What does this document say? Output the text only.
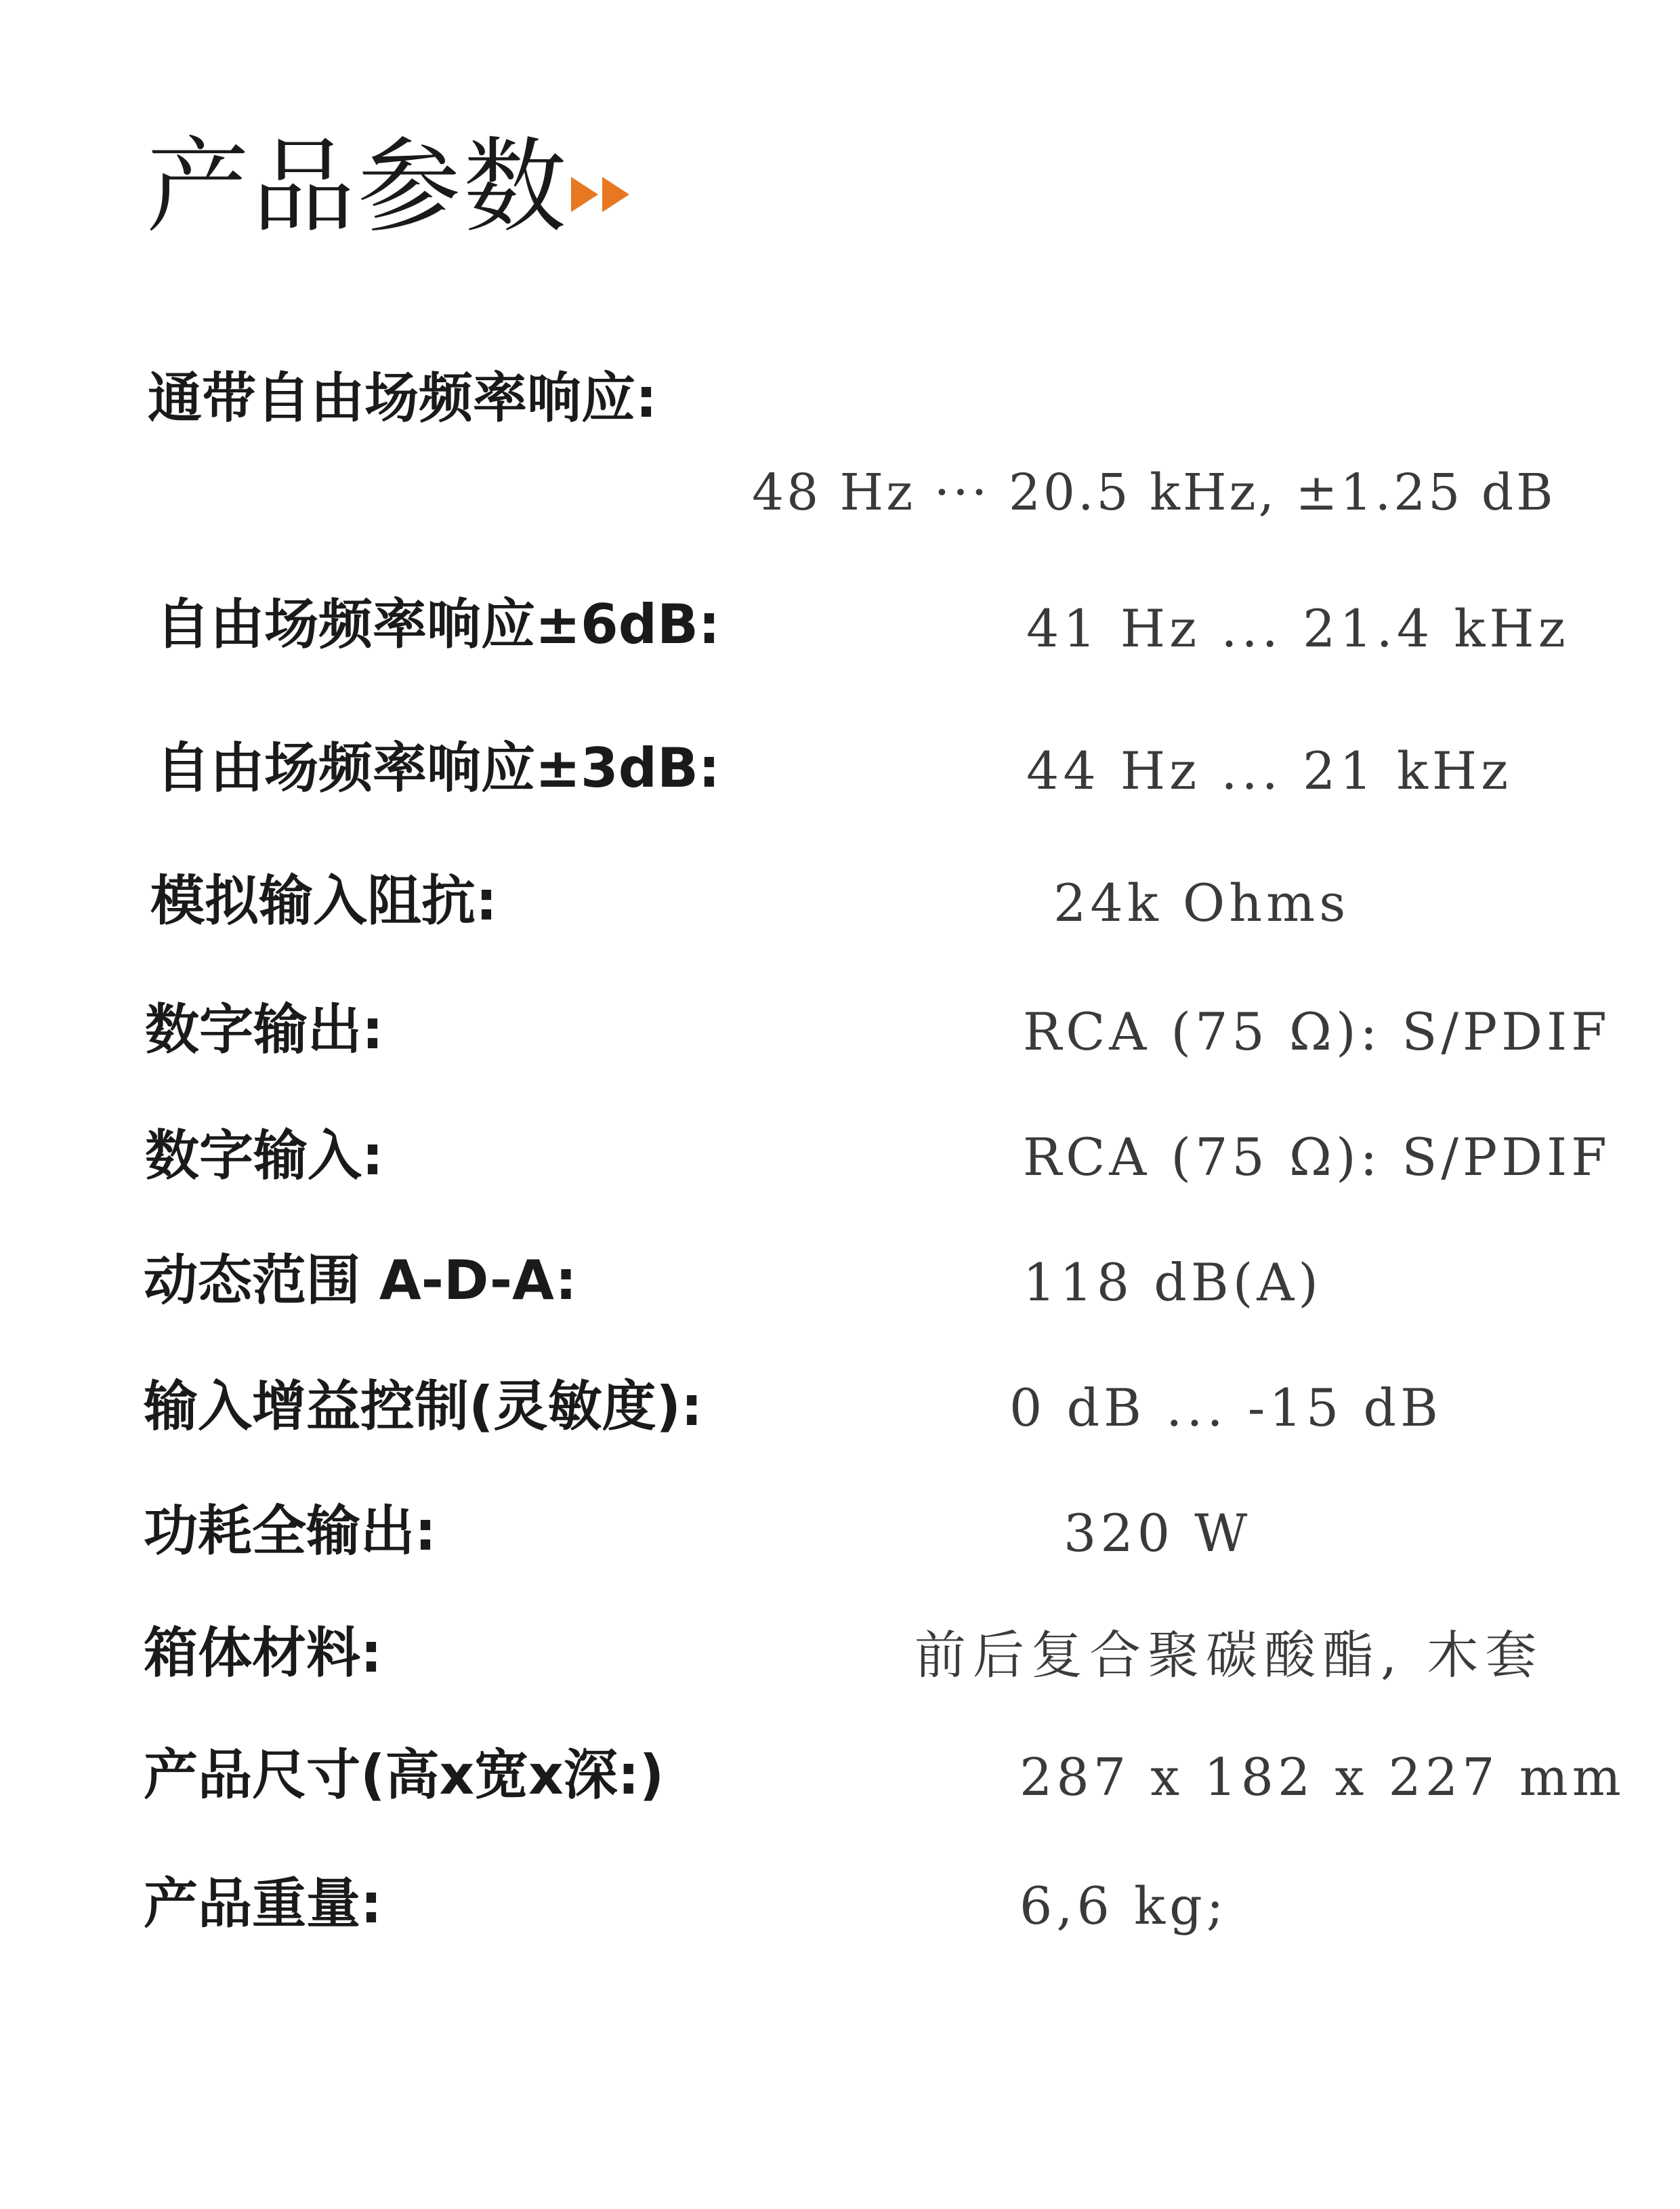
产品参数
通带自由场频率响应:
48 Hz ··· 20.5 kHz, ±1.25 dB
自由场频率响应±6dB:	41 Hz ... 21.4 kHz
自由场频率响应±3dB:	44 Hz ... 21 kHz
模拟输入阻抗:	24k Ohms
数字输出:	RCA (75 Ω): S/PDIF
数字输入:	RCA (75 Ω): S/PDIF
动态范围 A-D-A:	118 dB(A)
输入增益控制(灵敏度):	0 dB ... -15 dB
功耗全输出:	320 W
箱体材料:	前后复合聚碳酸酯, 木套
产品尺寸(高x宽x深:)	287 x 182 x 227 mm
产品重量:	6,6 kg;
